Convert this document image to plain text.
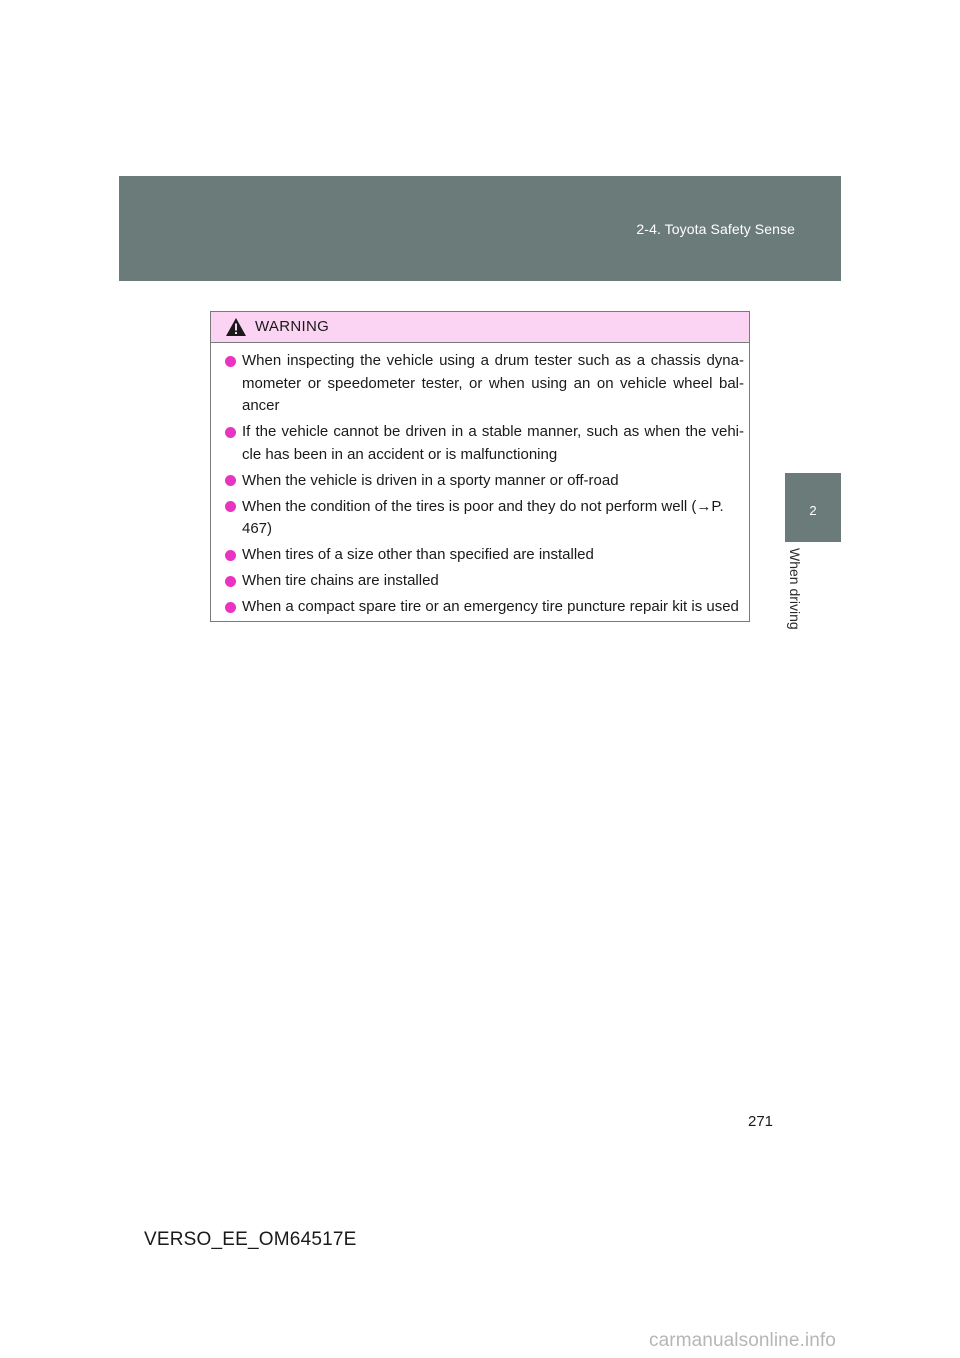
2-4. Toyota Safety Sense
2
When driving
WARNING
When inspecting the vehicle using a drum tester such as a chassis dyna-mometer or speedometer tester, or when using an on vehicle wheel bal-ancer
If the vehicle cannot be driven in a stable manner, such as when the vehi-cle has been in an accident or is malfunctioning
When the vehicle is driven in a sporty manner or off-road
When the condition of the tires is poor and they do not perform well (→P. 467)
When tires of a size other than specified are installed
When tire chains are installed
When a compact spare tire or an emergency tire puncture repair kit is used
271
VERSO_EE_OM64517E
carmanualsonline.info
